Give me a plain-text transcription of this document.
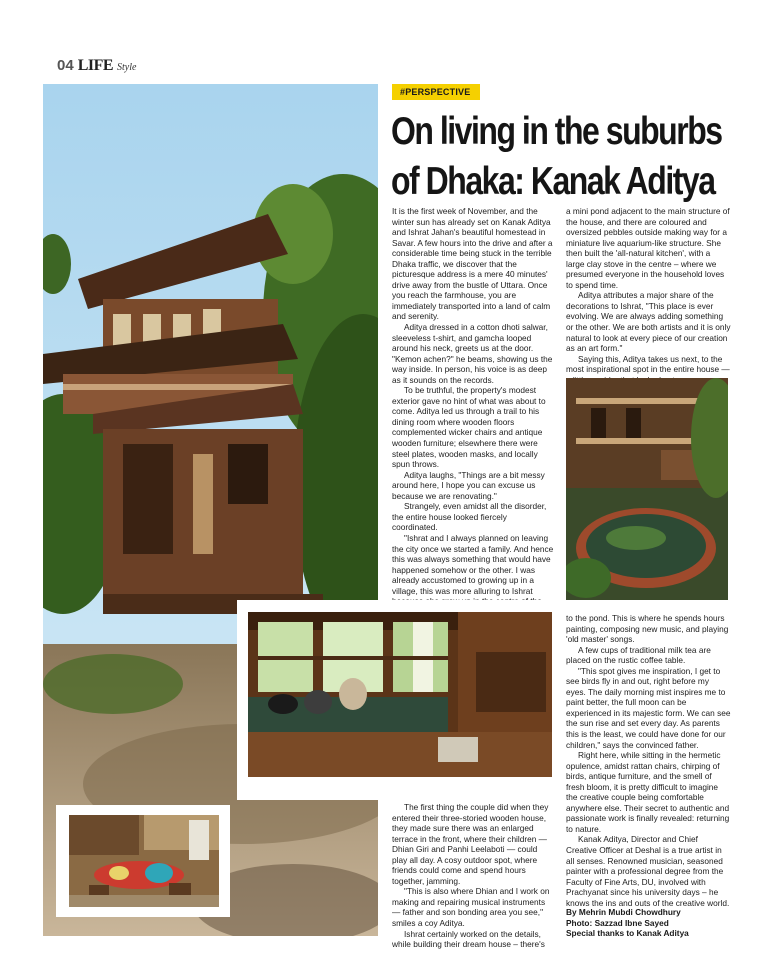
04 LIFE Style
#PERSPECTIVE
On living in the suburbs
of Dhaka: Kanak Aditya

It is the first week of November, and the winter sun has already set on Kanak Aditya and Ishrat Jahan's beautiful homestead in Savar. A few hours into the drive and after a considerable time being stuck in the terrible Dhaka traffic, we discover that the picturesque address is a mere 40 minutes' drive away from the bustle of Uttara. Once you reach the farmhouse, you are immediately transported into a land of calm and serenity.

Aditya dressed in a cotton dhoti salwar, sleeveless t-shirt, and gamcha looped around his neck, greets us at the door. "Kemon achen?" he beams, showing us the way inside. In person, his voice is as deep as it sounds on the records.

To be truthful, the property's modest exterior gave no hint of what was about to come. Aditya led us through a trail to his dining room where wooden floors complemented wicker chairs and antique wooden furniture; elsewhere there were steel plates, wooden masks, and locally spun throws.

Aditya laughs, "Things are a bit messy around here, I hope you can excuse us because we are renovating."

Strangely, even amidst all the disorder, the entire house looked fiercely coordinated.

"Ishrat and I always planned on leaving the city once we started a family. And hence this was always something that would have happened somehow or the other. I was already accustomed to growing up in a village, this was more alluring to Ishrat

a mini pond adjacent to the main structure of the house, and there are coloured and oversized pebbles outside making way for a miniature live aquarium-like structure. She then built the 'all-natural kitchen', with a large clay stove in the centre – where we presumed everyone in the household loves to spend time.

Aditya attributes a major share of the decorations to Ishrat, "This place is ever evolving. We are always adding something or the other. We are both artists and it is only natural to look at every piece of our creation as an art form."

Saying this, Aditya takes us next, to the most inspirational spot in the entire house —

to the pond. This is where he spends hours painting, composing new music, and playing 'old master' songs.

A few cups of traditional milk tea are placed on the rustic coffee table.

"This spot gives me inspiration, I get to see birds fly in and out, right before my eyes. The daily morning mist inspires me to paint better, the full moon can be experienced in its majestic form. We can see the sun rise and set every day. As parents this is the least, we could have done for our children," says the convinced father.

Right here, while sitting in the hermetic opulence, amidst rattan chairs, chirping of birds, antique furniture, and the smell of fresh bloom, it is pretty difficult to imagine the creative couple being comfortable anywhere else. Their secret to authentic and passionate work is finally revealed: returning to nature.

Kanak Aditya, Director and Chief Creative Officer at Deshal is a true artist in all senses. Renowned musician, seasoned painter with a professional degree from the Faculty of Fine Arts, DU, involved with Prachyanat since his university days – he knows the ins and outs of the creative world.

The first thing the couple did when they entered their three-storied wooden house, they made sure there was an enlarged terrace in the front, where their children — Dhian Giri and Panhi Leelaboti — could play all day. A cosy outdoor spot, where friends could come and spend hours together, jamming.

"This is also where Dhian and I work on making and repairing musical instruments — father and son bonding area you see," smiles a coy Aditya.

Ishrat certainly worked on the details, while building their dream house – there's

By Mehrin Mubdi Chowdhury
Photo: Sazzad Ibne Sayed
Special thanks to Kanak Aditya
